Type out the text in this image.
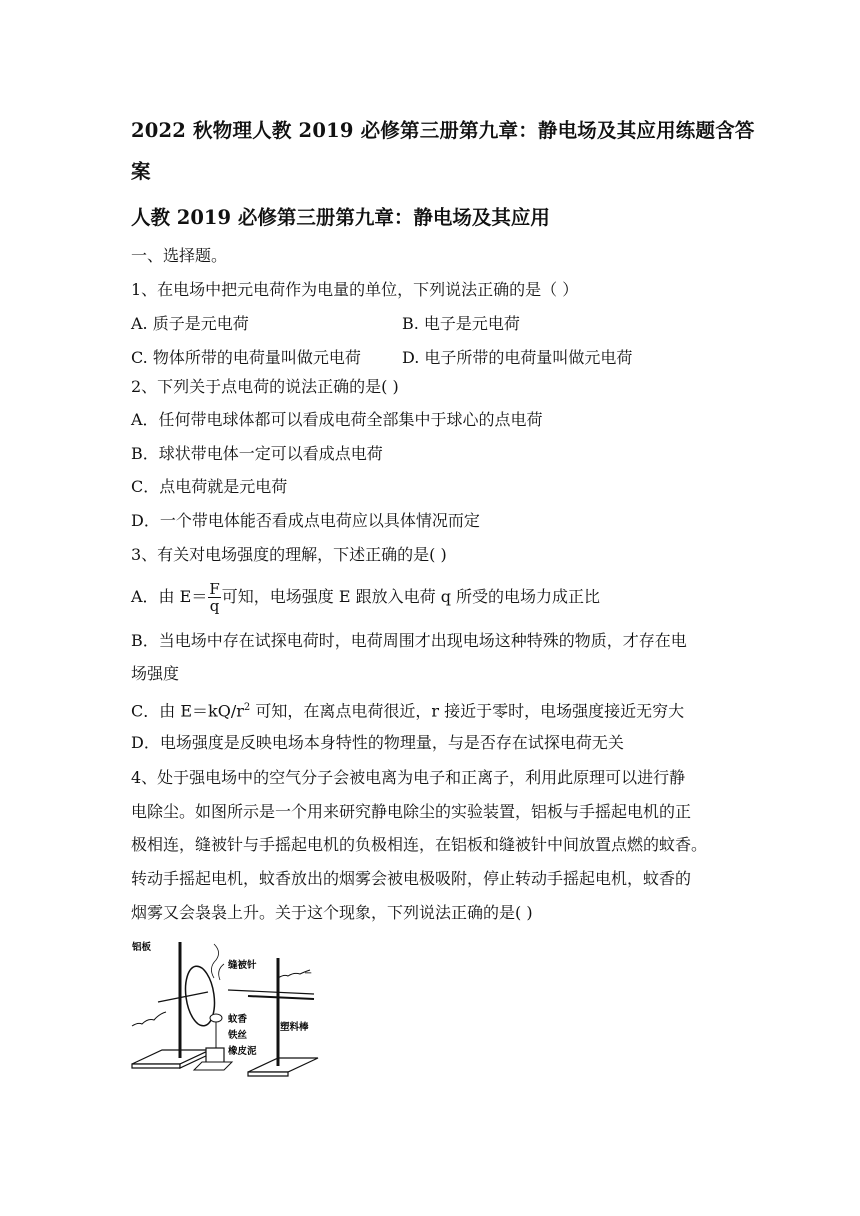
2022 秋物理人教 2019 必修第三册第九章：静电场及其应用练题含答
案
人教 2019 必修第三册第九章：静电场及其应用
一、选择题。
1、在电场中把元电荷作为电量的单位，下列说法正确的是（ ）
A. 质子是元电荷	B. 电子是元电荷
C. 物体所带的电荷量叫做元电荷	D. 电子所带的电荷量叫做元电荷
2、下列关于点电荷的说法正确的是( )
A．任何带电球体都可以看成电荷全部集中于球心的点电荷
B．球状带电体一定可以看成点电荷
C．点电荷就是元电荷
D．一个带电体能否看成点电荷应以具体情况而定
3、有关对电场强度的理解，下述正确的是( )
A．由 $E= \frac{F}{q}$ 可知，电场强度 E 跟放入电荷 q 所受的电场力成正比
B．当电场中存在试探电荷时，电荷周围才出现电场这种特殊的物质，才存在电
场强度
C．由 $E=kQ/r^2$ 可知，在离点电荷很近，r 接近于零时，电场强度接近无穷大
D．电场强度是反映电场本身特性的物理量，与是否存在试探电荷无关
4、处于强电场中的空气分子会被电离为电子和正离子，利用此原理可以进行静
电除尘。如图所示是一个用来研究静电除尘的实验装置，铝板与手摇起电机的正
极相连，缝被针与手摇起电机的负极相连，在铝板和缝被针中间放置点燃的蚊香。
转动手摇起电机，蚊香放出的烟雾会被电极吸附，停止转动手摇起电机，蚊香的
烟雾又会袅袅上升。关于这个现象，下列说法正确的是( )
−
铝板
缝被针
蚊香
铁丝
橡皮泥
塑料棒
